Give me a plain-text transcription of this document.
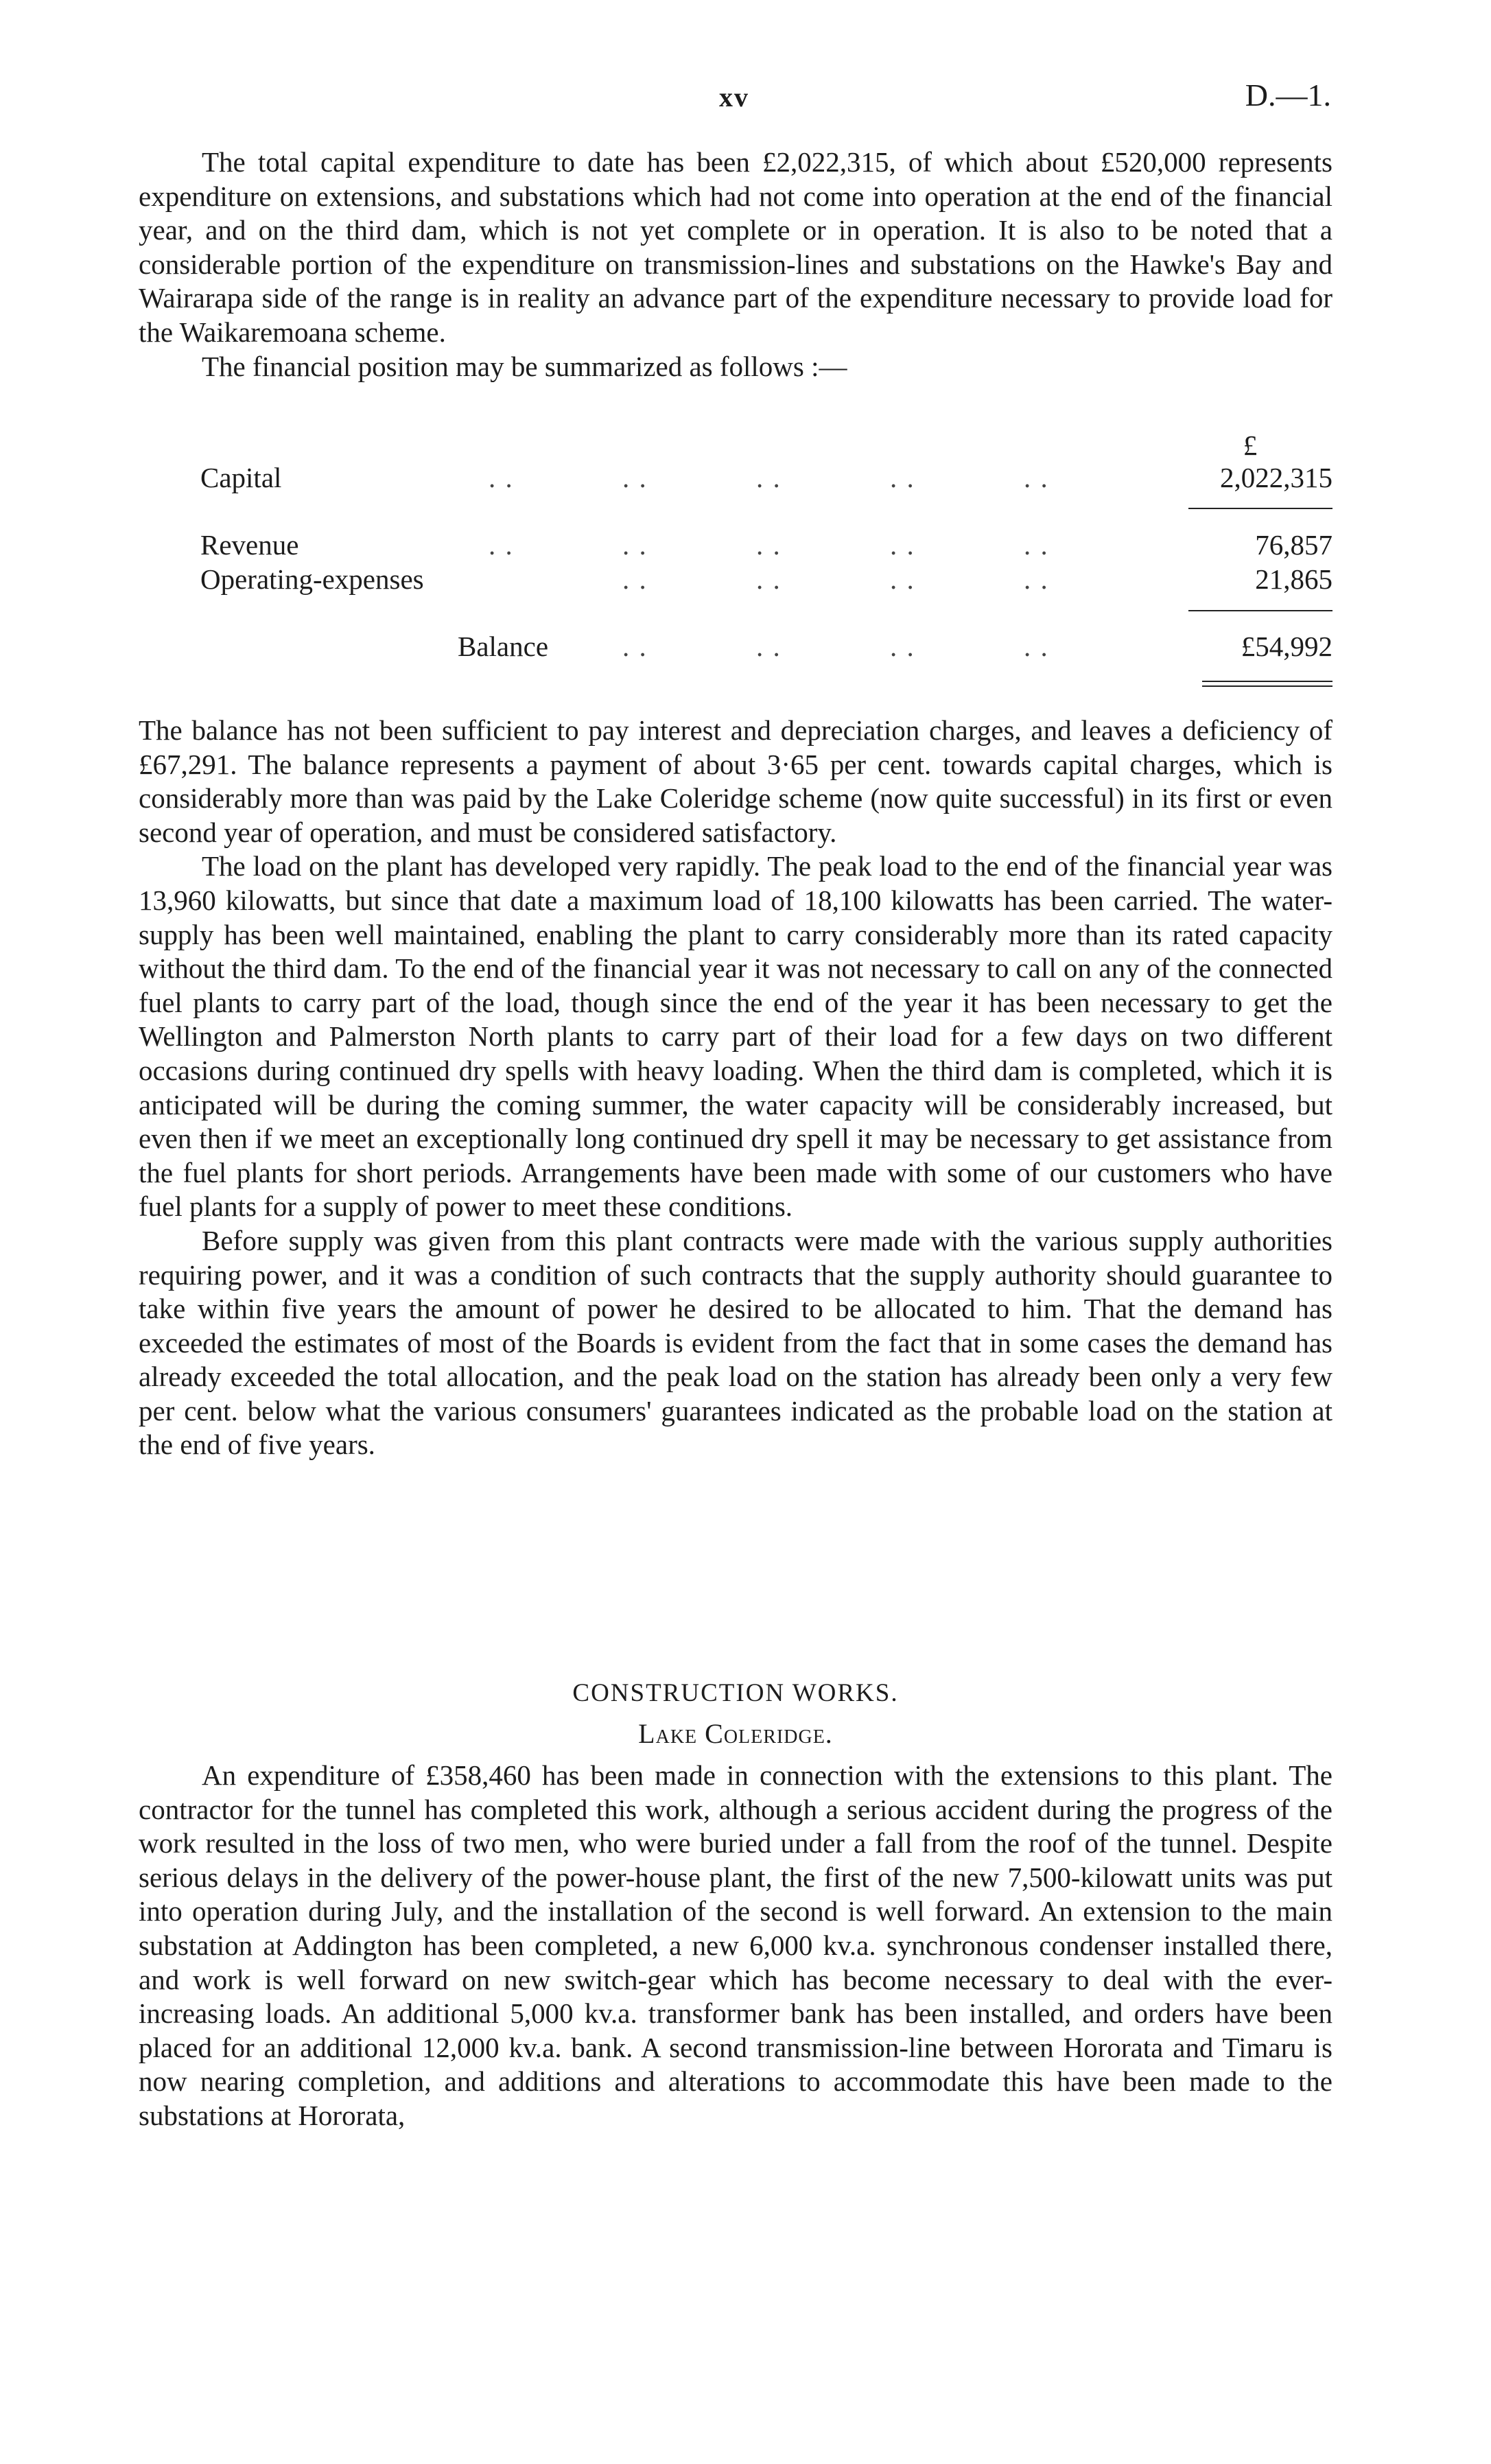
xv	D.—1.

The total capital expenditure to date has been £2,022,315, of which about £520,000 represents expenditure on extensions, and substations which had not come into operation at the end of the financial year, and on the third dam, which is not yet complete or in operation. It is also to be noted that a considerable portion of the expenditure on transmission-lines and substations on the Hawke's Bay and Wairarapa side of the range is in reality an advance part of the expenditure necessary to provide load for the Waikaremoana scheme.

The financial position may be summarized as follows :—

£
Capital	. .	. .	. .	. .	. .	2,022,315
Revenue	. .	. .	. .	. .	. .	76,857
Operating-expenses	. .	. .	. .	. .	21,865
Balance	. .	. .	. .	. .	£54,992

The balance has not been sufficient to pay interest and depreciation charges, and leaves a deficiency of £67,291. The balance represents a payment of about 3·65 per cent. towards capital charges, which is considerably more than was paid by the Lake Coleridge scheme (now quite successful) in its first or even second year of operation, and must be considered satisfactory.

The load on the plant has developed very rapidly. The peak load to the end of the financial year was 13,960 kilowatts, but since that date a maximum load of 18,100 kilowatts has been carried. The water-supply has been well maintained, enabling the plant to carry considerably more than its rated capacity without the third dam. To the end of the financial year it was not necessary to call on any of the connected fuel plants to carry part of the load, though since the end of the year it has been necessary to get the Wellington and Palmerston North plants to carry part of their load for a few days on two different occasions during continued dry spells with heavy loading. When the third dam is completed, which it is anticipated will be during the coming summer, the water capacity will be considerably increased, but even then if we meet an exceptionally long continued dry spell it may be necessary to get assistance from the fuel plants for short periods. Arrangements have been made with some of our customers who have fuel plants for a supply of power to meet these conditions.

Before supply was given from this plant contracts were made with the various supply authorities requiring power, and it was a condition of such contracts that the supply authority should guarantee to take within five years the amount of power he desired to be allocated to him. That the demand has exceeded the estimates of most of the Boards is evident from the fact that in some cases the demand has already exceeded the total allocation, and the peak load on the station has already been only a very few per cent. below what the various consumers' guarantees indicated as the probable load on the station at the end of five years.

CONSTRUCTION WORKS.
Lake Coleridge.

An expenditure of £358,460 has been made in connection with the extensions to this plant. The contractor for the tunnel has completed this work, although a serious accident during the progress of the work resulted in the loss of two men, who were buried under a fall from the roof of the tunnel. Despite serious delays in the delivery of the power-house plant, the first of the new 7,500-kilowatt units was put into operation during July, and the installation of the second is well forward. An extension to the main substation at Addington has been completed, a new 6,000 kv.a. synchronous condenser installed there, and work is well forward on new switch-gear which has become necessary to deal with the ever-increasing loads. An additional 5,000 kv.a. transformer bank has been installed, and orders have been placed for an additional 12,000 kv.a. bank. A second transmission-line between Hororata and Timaru is now nearing completion, and additions and alterations to accommodate this have been made to the substations at Hororata,
